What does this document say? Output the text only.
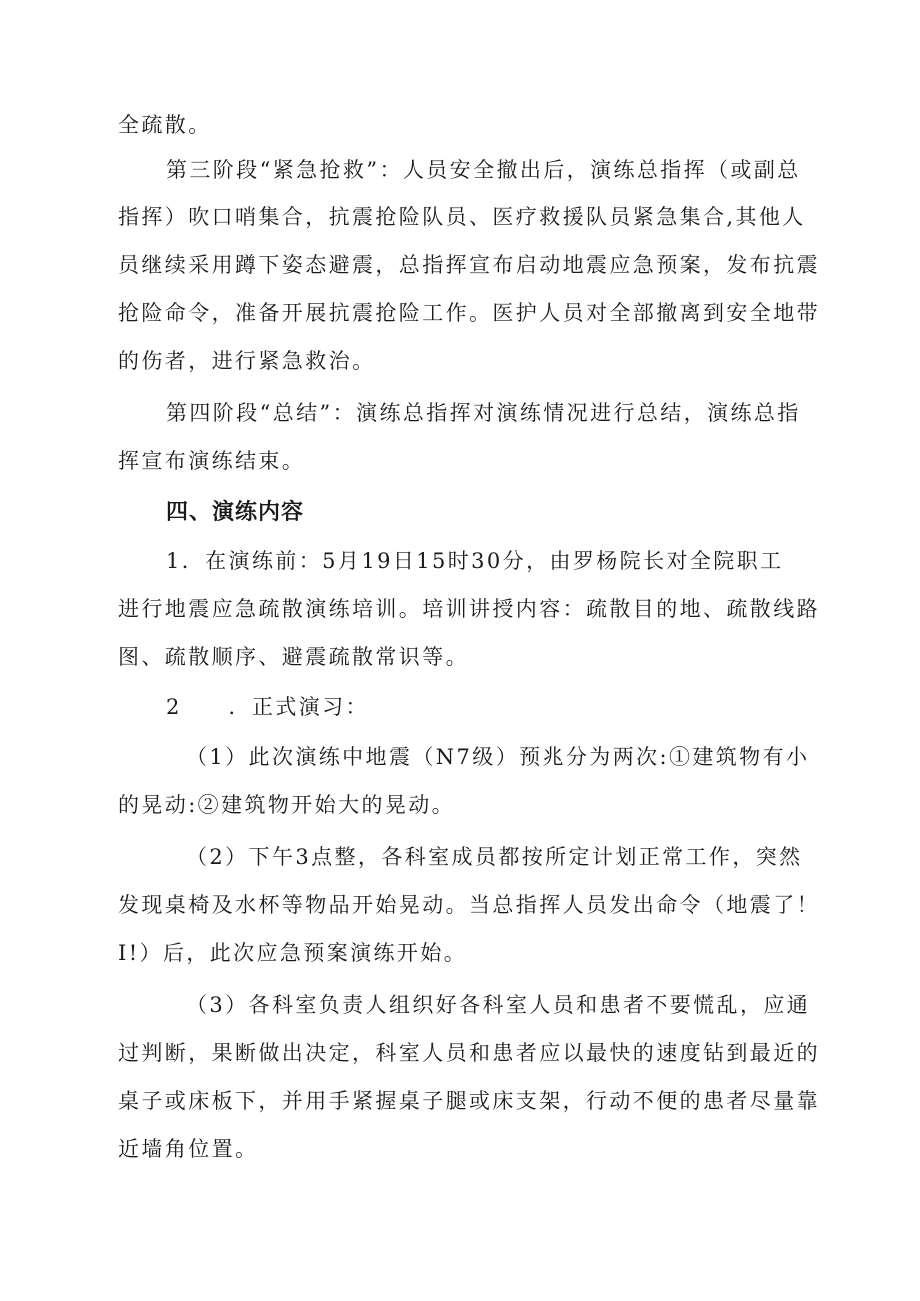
全疏散。
第三阶段“紧急抢救”：人员安全撤出后，演练总指挥（或副总
指挥）吹口哨集合，抗震抢险队员、医疗救援队员紧急集合,其他人
员继续采用蹲下姿态避震，总指挥宣布启动地震应急预案，发布抗震
抢险命令，准备开展抗震抢险工作。医护人员对全部撤离到安全地带
的伤者，进行紧急救治。
第四阶段“总结”：演练总指挥对演练情况进行总结，演练总指
挥宣布演练结束。
四、演练内容
1．在演练前：5月19日15时30分，由罗杨院长对全院职工
进行地震应急疏散演练培训。培训讲授内容：疏散目的地、疏散线路
图、疏散顺序、避震疏散常识等。
2　　．正式演习：
（1）此次演练中地震（N7级）预兆分为两次:①建筑物有小
的晃动:②建筑物开始大的晃动。
（2）下午3点整，各科室成员都按所定计划正常工作，突然
发现桌椅及水杯等物品开始晃动。当总指挥人员发出命令（地震了！
I!）后，此次应急预案演练开始。
（3）各科室负责人组织好各科室人员和患者不要慌乱，应通
过判断，果断做出决定，科室人员和患者应以最快的速度钻到最近的
桌子或床板下，并用手紧握桌子腿或床支架，行动不便的患者尽量靠
近墙角位置。
